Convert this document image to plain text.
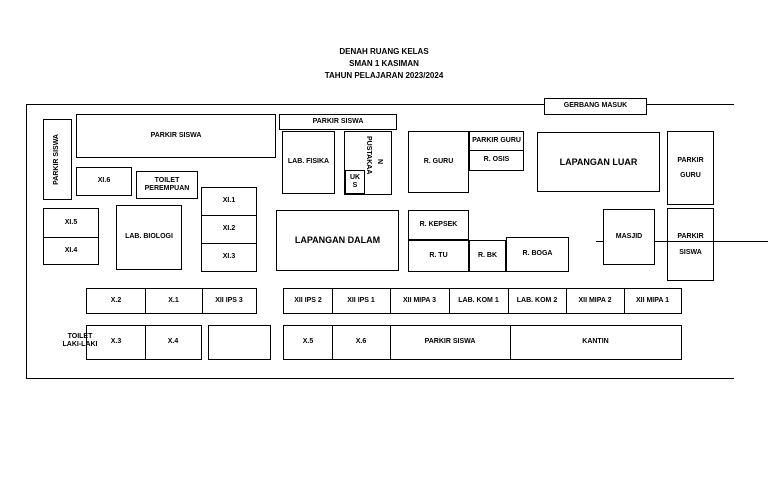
DENAH RUANG KELAS
SMAN 1 KASIMAN
TAHUN PELAJARAN 2023/2024
GERBANG MASUK
PARKIR SISWA	PARKIR SISWA
XI.6	TOILET
PEREMPUAN
XI.5
XI.4
LAB. BIOLOGI
XI.1
XI.2
XI.3
PARKIR SISWA
LAB. FISIKA	PUSTAKAA N
UK
S
LAPANGAN DALAM
R. GURU
PARKIR GURU
R. OSIS	LAPANGAN LUAR	PARKIR
GURU
R. KEPSEK
R. TU	R. BK	R. BOGA
MASJID	PARKIR
SISWA
X.2	X.1	XII IPS 3	XII IPS 2	XII IPS 1	XII MIPA 3	LAB. KOM 1	LAB. KOM 2	XII MIPA 2	XII MIPA 1
X.3	X.4
TOILET
LAKI-LAKI	X.5	X.6	PARKIR SISWA	KANTIN
